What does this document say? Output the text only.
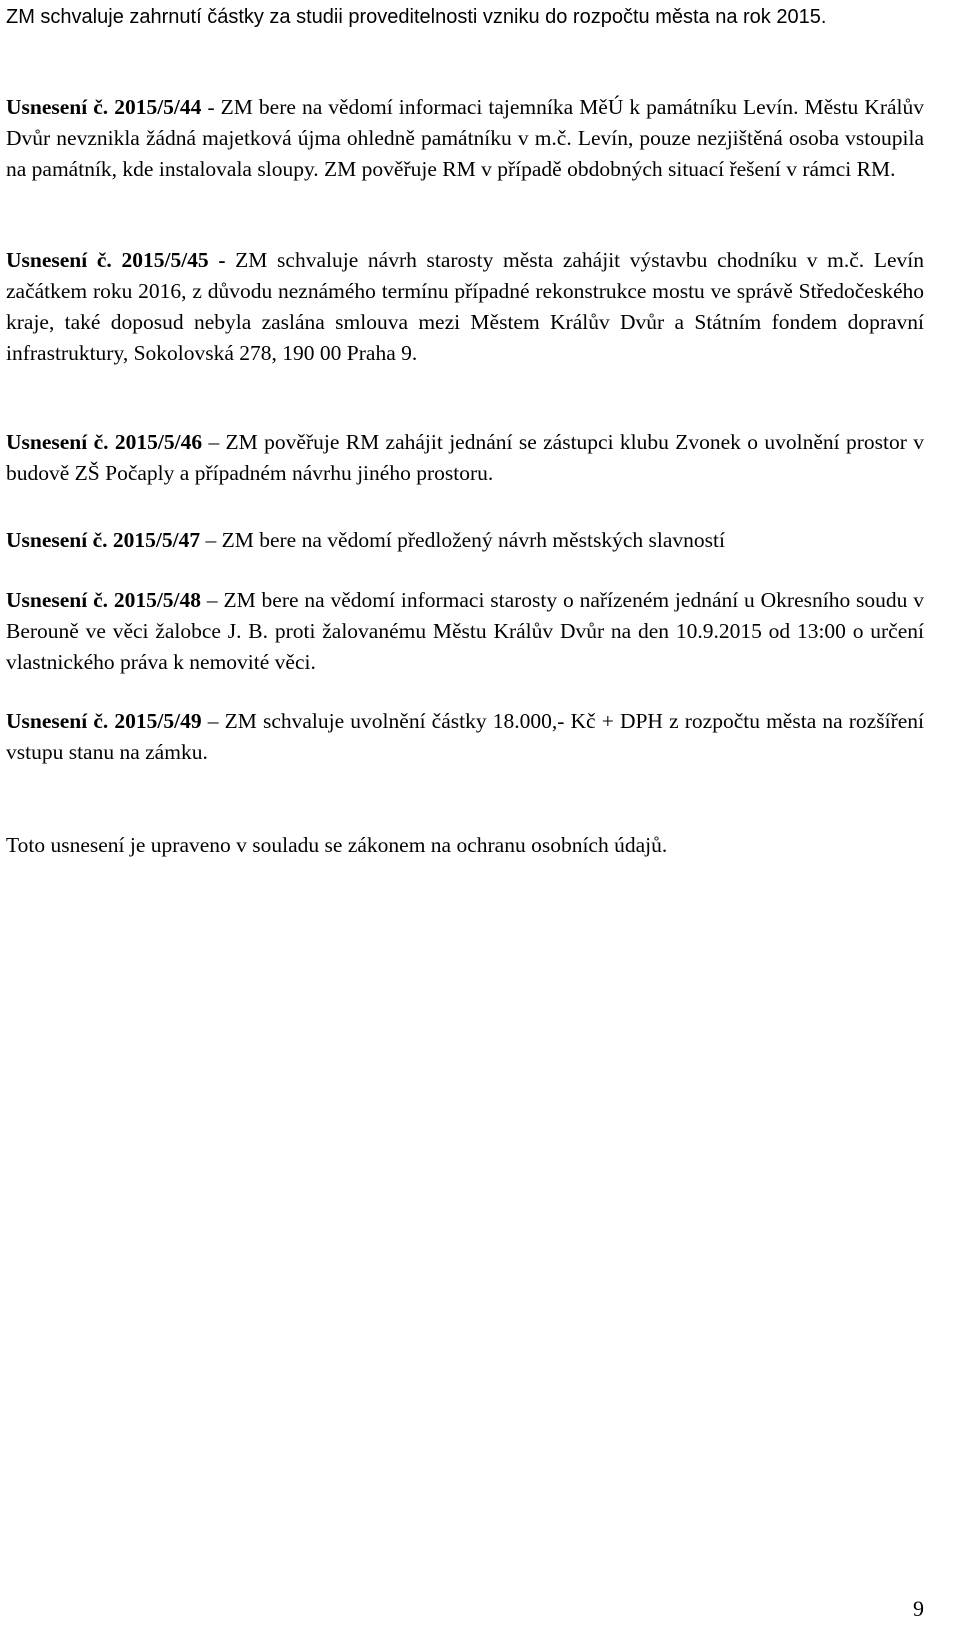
ZM schvaluje zahrnutí částky za studii proveditelnosti vzniku do rozpočtu města na rok 2015.

Usnesení č. 2015/5/44 - ZM bere na vědomí informaci tajemníka MěÚ k památníku Levín. Městu Králův Dvůr nevznikla žádná majetková újma ohledně památníku v m.č. Levín, pouze nezjištěná osoba vstoupila na památník, kde instalovala sloupy. ZM pověřuje RM v případě obdobných situací řešení v rámci RM.

Usnesení č. 2015/5/45 - ZM schvaluje návrh starosty města zahájit výstavbu chodníku v m.č. Levín začátkem roku 2016, z důvodu neznámého termínu případné rekonstrukce mostu ve správě Středočeského kraje, také doposud nebyla zaslána smlouva mezi Městem Králův Dvůr a Státním fondem dopravní infrastruktury, Sokolovská 278, 190 00 Praha 9.

Usnesení č. 2015/5/46 – ZM pověřuje RM zahájit jednání se zástupci klubu Zvonek o uvolnění prostor v budově ZŠ Počaply a případném návrhu jiného prostoru.

Usnesení č. 2015/5/47 – ZM bere na vědomí předložený návrh městských slavností

Usnesení č. 2015/5/48 – ZM bere na vědomí informaci starosty o nařízeném jednání u Okresního soudu v Berouně ve věci žalobce J. B. proti žalovanému Městu Králův Dvůr na den 10.9.2015 od 13:00 o určení vlastnického práva k nemovité věci.

Usnesení č. 2015/5/49 – ZM schvaluje uvolnění částky 18.000,- Kč + DPH z rozpočtu města na rozšíření vstupu stanu na zámku.

Toto usnesení je upraveno v souladu se zákonem na ochranu osobních údajů.

9
